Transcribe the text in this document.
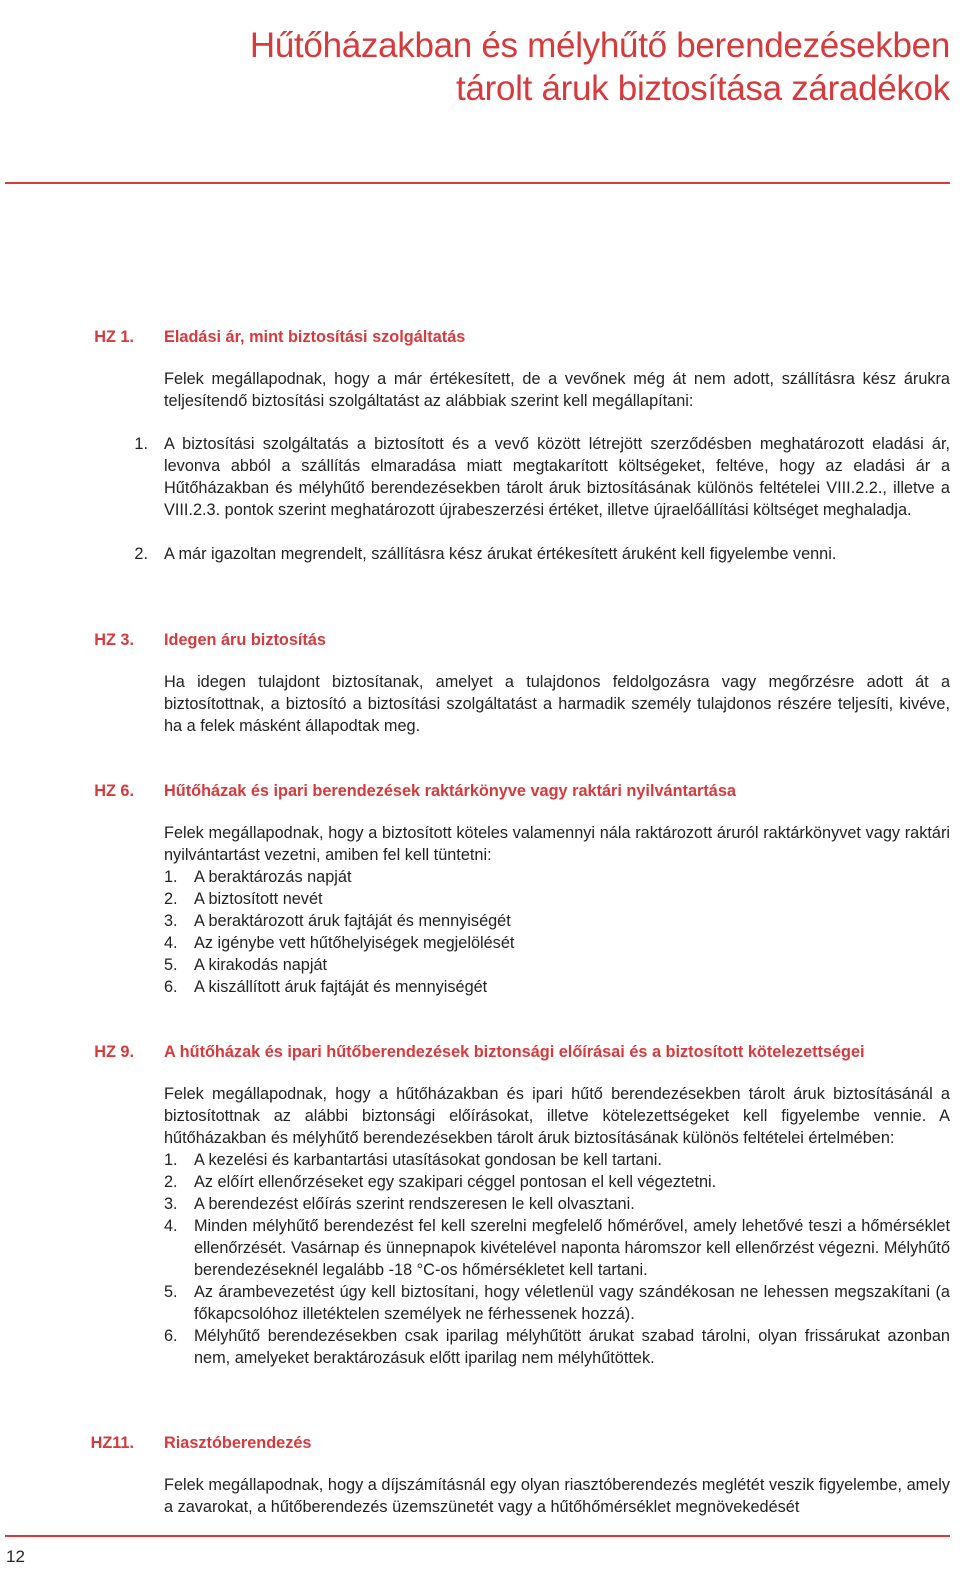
Hűtőházakban és mélyhűtő berendezésekben
tárolt áruk biztosítása záradékok
HZ 1. Eladási ár, mint biztosítási szolgáltatás

Felek megállapodnak, hogy a már értékesített, de a vevőnek még át nem adott, szállításra kész árukra teljesítendő biztosítási szolgáltatást az alábbiak szerint kell megállapítani:

1. A biztosítási szolgáltatás a biztosított és a vevő között létrejött szerződésben meghatározott eladási ár, levonva abból a szállítás elmaradása miatt megtakarított költségeket, feltéve, hogy az eladási ár a Hűtőházakban és mélyhűtő berendezésekben tárolt áruk biztosításának különös feltételei VIII.2.2., illetve a VIII.2.3. pontok szerint meghatározott újrabeszerzési értéket, illetve újraelőállítási költséget meghaladja.
2. A már igazoltan megrendelt, szállításra kész árukat értékesített áruként kell figyelembe venni.
HZ 3. Idegen áru biztosítás

Ha idegen tulajdont biztosítanak, amelyet a tulajdonos feldolgozásra vagy megőrzésre adott át a biztosítottnak, a biztosító a biztosítási szolgáltatást a harmadik személy tulajdonos részére teljesíti, kivéve, ha a felek másként állapodtak meg.

HZ 6. Hűtőházak és ipari berendezések raktárkönyve vagy raktári nyilvántartása

Felek megállapodnak, hogy a biztosított köteles valamennyi nála raktározott áruról raktárkönyvet vagy raktári nyilvántartást vezetni, amiben fel kell tüntetni:

1. A beraktározás napját
2. A biztosított nevét
3. A beraktározott áruk fajtáját és mennyiségét
4. Az igénybe vett hűtőhelyiségek megjelölését
5. A kirakodás napját
6. A kiszállított áruk fajtáját és mennyiségét
HZ 9. A hűtőházak és ipari hűtőberendezések biztonsági előírásai és a biztosított kötelezettségei

Felek megállapodnak, hogy a hűtőházakban és ipari hűtő berendezésekben tárolt áruk biztosításánál a biztosítottnak az alábbi biztonsági előírásokat, illetve kötelezettségeket kell figyelembe vennie. A hűtőházakban és mélyhűtő berendezésekben tárolt áruk biztosításának különös feltételei értelmében:

1. A kezelési és karbantartási utasításokat gondosan be kell tartani.
2. Az előírt ellenőrzéseket egy szakipari céggel pontosan el kell végeztetni.
3. A berendezést előírás szerint rendszeresen le kell olvasztani.
4. Minden mélyhűtő berendezést fel kell szerelni megfelelő hőmérővel, amely lehetővé teszi a hőmérséklet ellenőrzését. Vasárnap és ünnepnapok kivételével naponta háromszor kell ellenőrzést végezni. Mélyhűtő berendezéseknél legalább -18 °C-os hőmérsékletet kell tartani.
5. Az árambevezetést úgy kell biztosítani, hogy véletlenül vagy szándékosan ne lehessen megszakítani (a főkapcsolóhoz illetéktelen személyek ne férhessenek hozzá).
6. Mélyhűtő berendezésekben csak iparilag mélyhűtött árukat szabad tárolni, olyan frissárukat azonban nem, amelyeket beraktározásuk előtt iparilag nem mélyhűtöttek.
HZ11. Riasztóberendezés

Felek megállapodnak, hogy a díjszámításnál egy olyan riasztóberendezés meglétét veszik figyelembe, amely a zavarokat, a hűtőberendezés üzemszünetét vagy a hűtőhőmérséklet megnövekedését

12
